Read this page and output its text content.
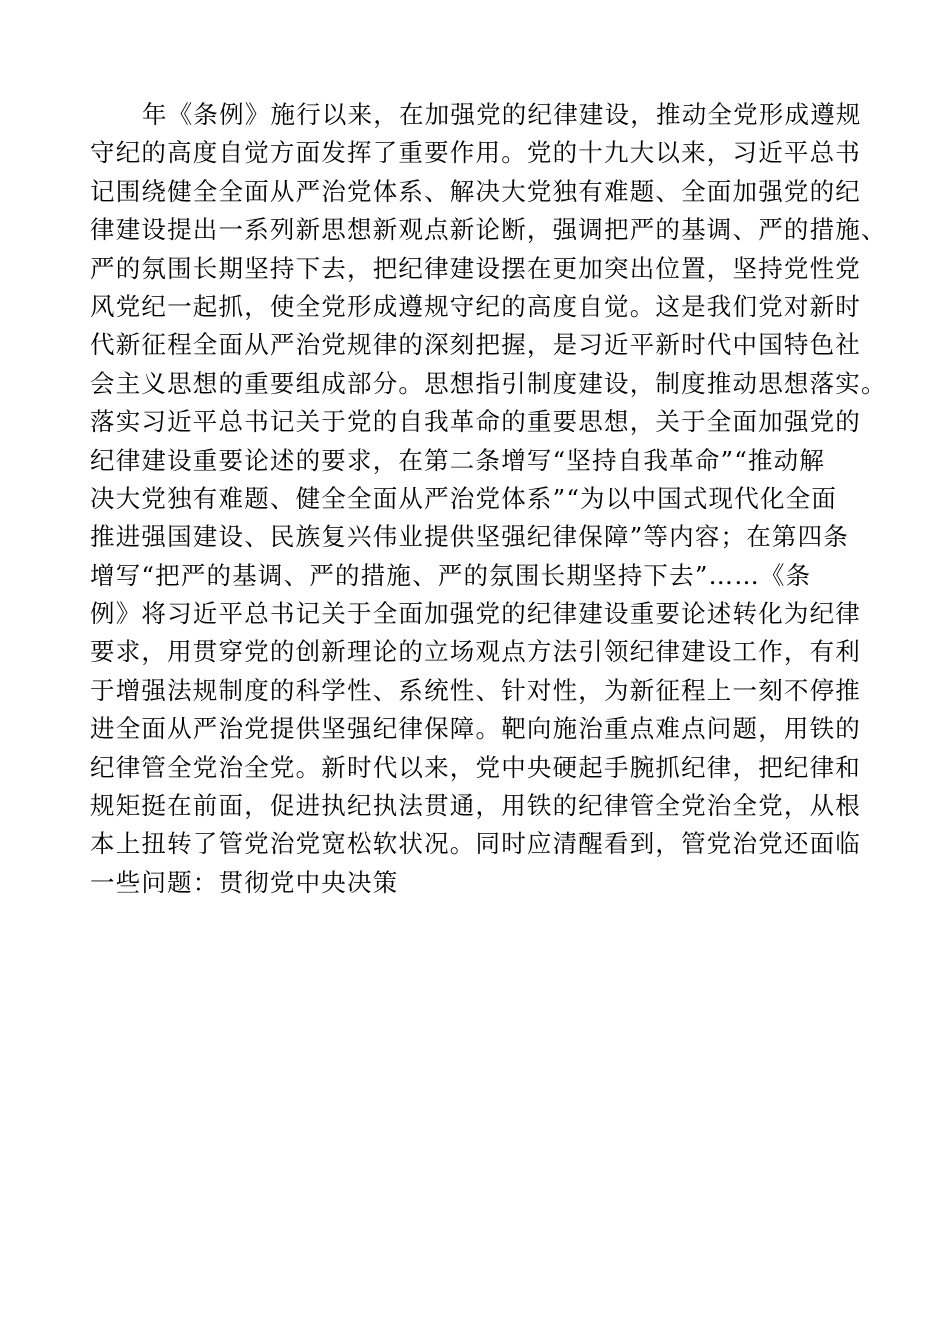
年《条例》施行以来，在加强党的纪律建设，推动全党形成遵规
守纪的高度自觉方面发挥了重要作用。党的十九大以来，习近平总书
记围绕健全全面从严治党体系、解决大党独有难题、全面加强党的纪
律建设提出一系列新思想新观点新论断，强调把严的基调、严的措施、
严的氛围长期坚持下去，把纪律建设摆在更加突出位置，坚持党性党
风党纪一起抓，使全党形成遵规守纪的高度自觉。这是我们党对新时
代新征程全面从严治党规律的深刻把握，是习近平新时代中国特色社
会主义思想的重要组成部分。思想指引制度建设，制度推动思想落实。
落实习近平总书记关于党的自我革命的重要思想，关于全面加强党的
纪律建设重要论述的要求，在第二条增写“坚持自我革命”“推动解
决大党独有难题、健全全面从严治党体系”“为以中国式现代化全面
推进强国建设、民族复兴伟业提供坚强纪律保障”等内容；在第四条
增写“把严的基调、严的措施、严的氛围长期坚持下去”……《条
例》将习近平总书记关于全面加强党的纪律建设重要论述转化为纪律
要求，用贯穿党的创新理论的立场观点方法引领纪律建设工作，有利
于增强法规制度的科学性、系统性、针对性，为新征程上一刻不停推
进全面从严治党提供坚强纪律保障。靶向施治重点难点问题，用铁的
纪律管全党治全党。新时代以来，党中央硬起手腕抓纪律，把纪律和
规矩挺在前面，促进执纪执法贯通，用铁的纪律管全党治全党，从根
本上扭转了管党治党宽松软状况。同时应清醒看到，管党治党还面临
一些问题：贯彻党中央决策
